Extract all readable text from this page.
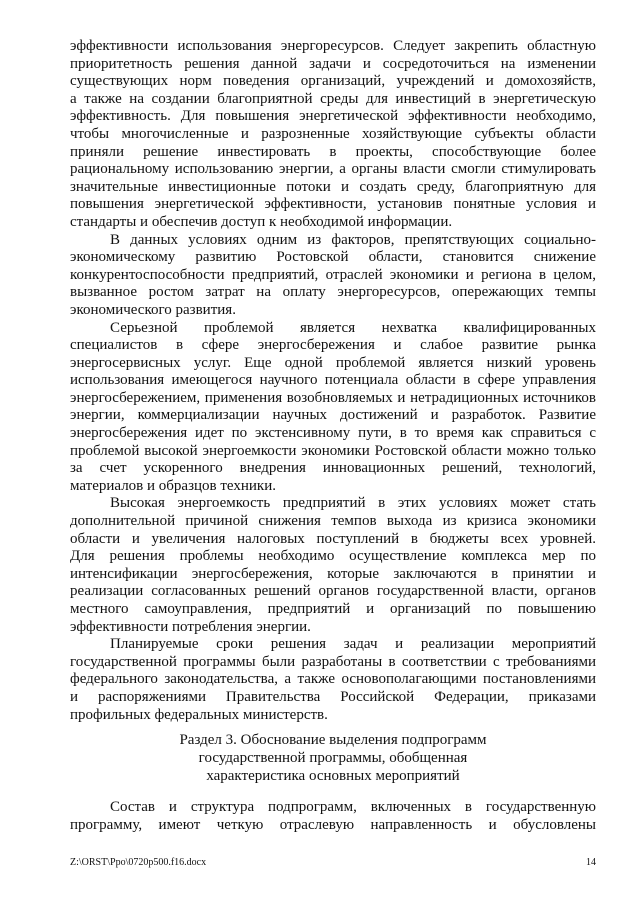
эффективности использования энергоресурсов. Следует закрепить областную
приоритетность решения данной задачи и сосредоточиться на изменении
существующих норм поведения организаций, учреждений и домохозяйств,
а также на создании благоприятной среды для инвестиций в энергетическую
эффективность. Для повышения энергетической эффективности необходимо,
чтобы многочисленные и разрозненные хозяйствующие субъекты области
приняли решение инвестировать в проекты, способствующие более
рациональному использованию энергии, а органы власти смогли стимулировать
значительные инвестиционные потоки и создать среду, благоприятную для
повышения энергетической эффективности, установив понятные условия и
стандарты и обеспечив доступ к необходимой информации.
В данных условиях одним из факторов, препятствующих социально-
экономическому развитию Ростовской области, становится снижение
конкурентоспособности предприятий, отраслей экономики и региона в целом,
вызванное ростом затрат на оплату энергоресурсов, опережающих темпы
экономического развития.
Серьезной проблемой является нехватка квалифицированных
специалистов в сфере энергосбережения и слабое развитие рынка
энергосервисных услуг. Еще одной проблемой является низкий уровень
использования имеющегося научного потенциала области в сфере управления
энергосбережением, применения возобновляемых и нетрадиционных источников
энергии, коммерциализации научных достижений и разработок. Развитие
энергосбережения идет по экстенсивному пути, в то время как справиться с
проблемой высокой энергоемкости экономики Ростовской области можно только
за счет ускоренного внедрения инновационных решений, технологий,
материалов и образцов техники.
Высокая энергоемкость предприятий в этих условиях может стать
дополнительной причиной снижения темпов выхода из кризиса экономики
области и увеличения налоговых поступлений в бюджеты всех уровней.
Для решения проблемы необходимо осуществление комплекса мер по
интенсификации энергосбережения, которые заключаются в принятии и
реализации согласованных решений органов государственной власти, органов
местного самоуправления, предприятий и организаций по повышению
эффективности потребления энергии.
Планируемые сроки решения задач и реализации мероприятий
государственной программы были разработаны в соответствии с требованиями
федерального законодательства, а также основополагающими постановлениями
и распоряжениями Правительства Российской Федерации, приказами
профильных федеральных министерств.
Раздел 3. Обоснование выделения подпрограмм
государственной программы, обобщенная
характеристика основных мероприятий
Состав и структура подпрограмм, включенных в государственную
программу, имеют четкую отраслевую направленность и обусловлены
Z:\ORST\Ppo\0720p500.f16.docx	14
